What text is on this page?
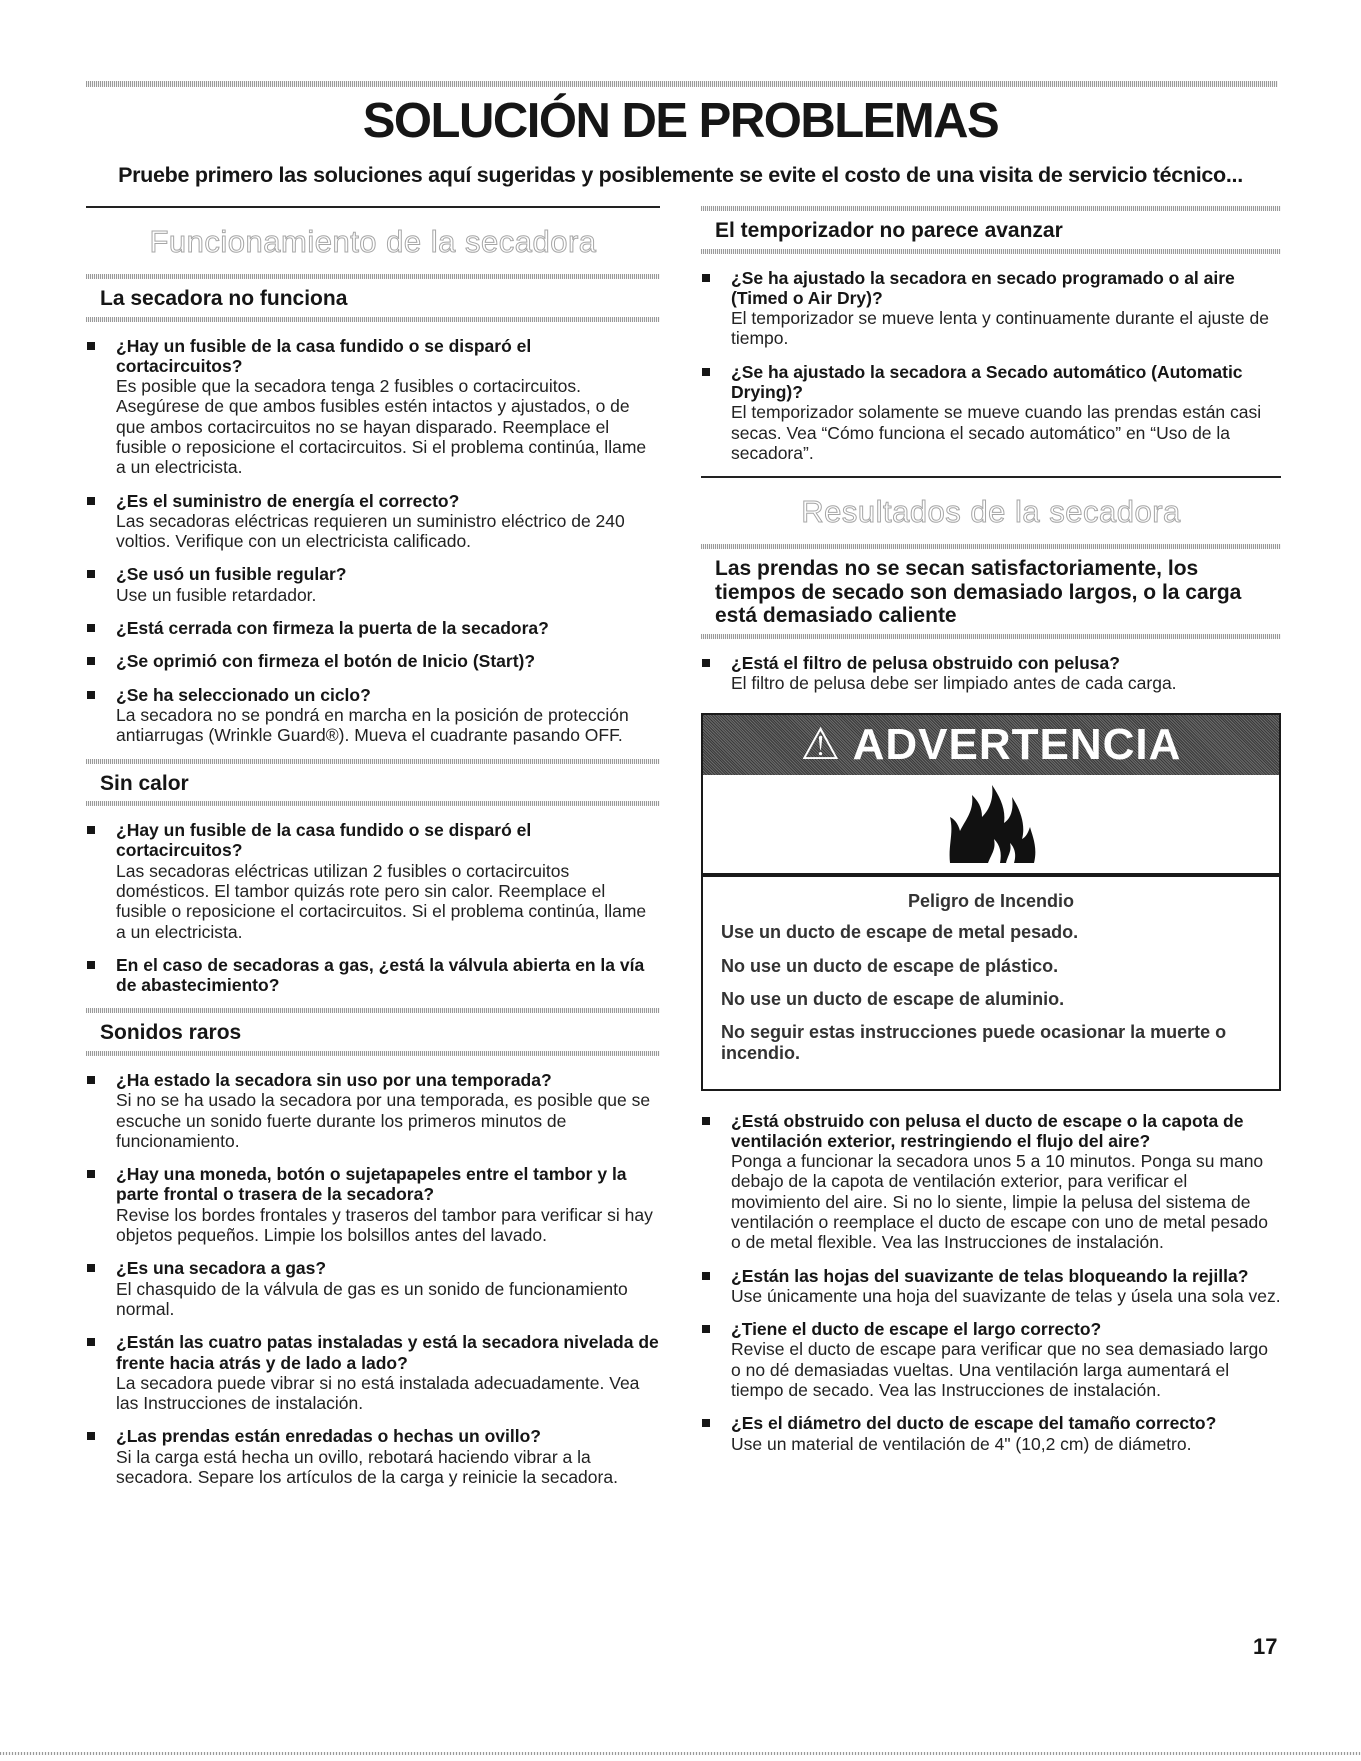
SOLUCIÓN DE PROBLEMAS

Pruebe primero las soluciones aquí sugeridas y posiblemente se evite el costo de una visita de servicio técnico...

Funcionamiento de la secadora
La secadora no funciona
¿Hay un fusible de la casa fundido o se disparó el cortacircuitos?
Es posible que la secadora tenga 2 fusibles o cortacircuitos. Asegúrese de que ambos fusibles estén intactos y ajustados, o de que ambos cortacircuitos no se hayan disparado. Reemplace el fusible o reposicione el cortacircuitos. Si el problema continúa, llame a un electricista.
¿Es el suministro de energía el correcto?
Las secadoras eléctricas requieren un suministro eléctrico de 240 voltios. Verifique con un electricista calificado.
¿Se usó un fusible regular?
Use un fusible retardador.
¿Está cerrada con firmeza la puerta de la secadora?
¿Se oprimió con firmeza el botón de Inicio (Start)?
¿Se ha seleccionado un ciclo?
La secadora no se pondrá en marcha en la posición de protección antiarrugas (Wrinkle Guard®). Mueva el cuadrante pasando OFF.
Sin calor
¿Hay un fusible de la casa fundido o se disparó el cortacircuitos?
Las secadoras eléctricas utilizan 2 fusibles o cortacircuitos domésticos. El tambor quizás rote pero sin calor. Reemplace el fusible o reposicione el cortacircuitos. Si el problema continúa, llame a un electricista.
En el caso de secadoras a gas, ¿está la válvula abierta en la vía de abastecimiento?
Sonidos raros
¿Ha estado la secadora sin uso por una temporada?
Si no se ha usado la secadora por una temporada, es posible que se escuche un sonido fuerte durante los primeros minutos de funcionamiento.
¿Hay una moneda, botón o sujetapapeles entre el tambor y la parte frontal o trasera de la secadora?
Revise los bordes frontales y traseros del tambor para verificar si hay objetos pequeños. Limpie los bolsillos antes del lavado.
¿Es una secadora a gas?
El chasquido de la válvula de gas es un sonido de funcionamiento normal.
¿Están las cuatro patas instaladas y está la secadora nivelada de frente hacia atrás y de lado a lado?
La secadora puede vibrar si no está instalada adecuadamente. Vea las Instrucciones de instalación.
¿Las prendas están enredadas o hechas un ovillo?
Si la carga está hecha un ovillo, rebotará haciendo vibrar a la secadora. Separe los artículos de la carga y reinicie la secadora.
El temporizador no parece avanzar
¿Se ha ajustado la secadora en secado programado o al aire (Timed o Air Dry)?
El temporizador se mueve lenta y continuamente durante el ajuste de tiempo.
¿Se ha ajustado la secadora a Secado automático (Automatic Drying)?
El temporizador solamente se mueve cuando las prendas están casi secas. Vea “Cómo funciona el secado automático” en “Uso de la secadora”.
Resultados de la secadora
Las prendas no se secan satisfactoriamente, los tiempos de secado son demasiado largos, o la carga está demasiado caliente
¿Está el filtro de pelusa obstruido con pelusa?
El filtro de pelusa debe ser limpiado antes de cada carga.
⚠ ADVERTENCIA

Peligro de Incendio

Use un ducto de escape de metal pesado.

No use un ducto de escape de plástico.

No use un ducto de escape de aluminio.

No seguir estas instrucciones puede ocasionar la muerte o incendio.

¿Está obstruido con pelusa el ducto de escape o la capota de ventilación exterior, restringiendo el flujo del aire?
Ponga a funcionar la secadora unos 5 a 10 minutos. Ponga su mano debajo de la capota de ventilación exterior, para verificar el movimiento del aire. Si no lo siente, limpie la pelusa del sistema de ventilación o reemplace el ducto de escape con uno de metal pesado o de metal flexible. Vea las Instrucciones de instalación.
¿Están las hojas del suavizante de telas bloqueando la rejilla?
Use únicamente una hoja del suavizante de telas y úsela una sola vez.
¿Tiene el ducto de escape el largo correcto?
Revise el ducto de escape para verificar que no sea demasiado largo o no dé demasiadas vueltas. Una ventilación larga aumentará el tiempo de secado. Vea las Instrucciones de instalación.
¿Es el diámetro del ducto de escape del tamaño correcto?
Use un material de ventilación de 4" (10,2 cm) de diámetro.
17
